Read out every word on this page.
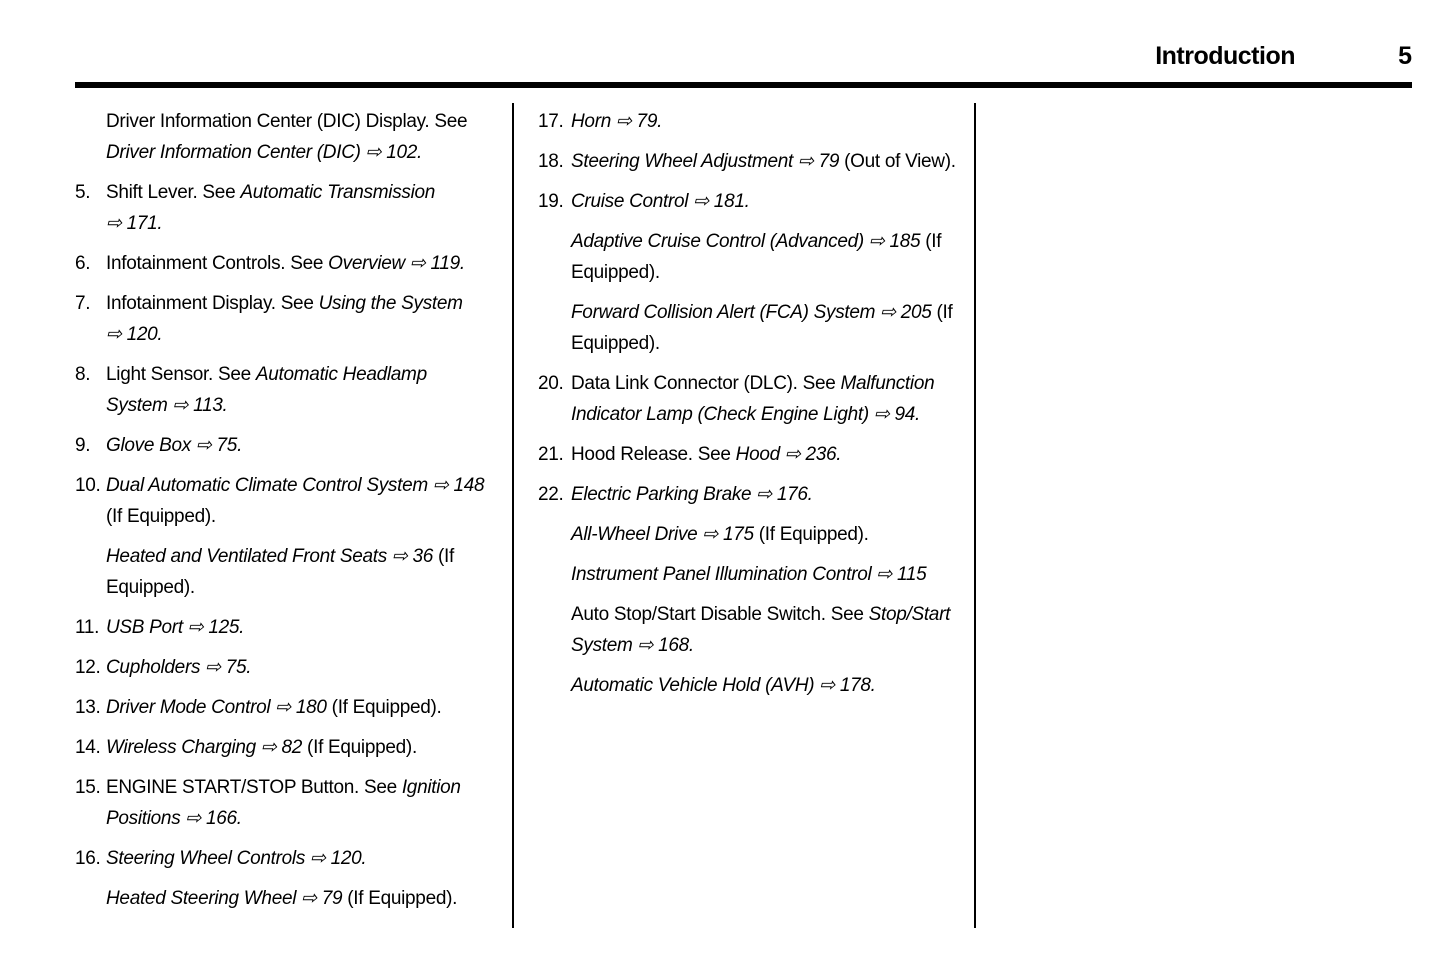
Introduction	5
Driver Information Center (DIC) Display. See Driver Information Center (DIC) ⇨ 102.
5. Shift Lever. See Automatic Transmission ⇨ 171.
6. Infotainment Controls. See Overview ⇨ 119.
7. Infotainment Display. See Using the System ⇨ 120.
8. Light Sensor. See Automatic Headlamp System ⇨ 113.
9. Glove Box ⇨ 75.
10. Dual Automatic Climate Control System ⇨ 148 (If Equipped).
Heated and Ventilated Front Seats ⇨ 36 (If Equipped).
11. USB Port ⇨ 125.
12. Cupholders ⇨ 75.
13. Driver Mode Control ⇨ 180 (If Equipped).
14. Wireless Charging ⇨ 82 (If Equipped).
15. ENGINE START/STOP Button. See Ignition Positions ⇨ 166.
16. Steering Wheel Controls ⇨ 120.
Heated Steering Wheel ⇨ 79 (If Equipped).
17. Horn ⇨ 79.
18. Steering Wheel Adjustment ⇨ 79 (Out of View).
19. Cruise Control ⇨ 181.
Adaptive Cruise Control (Advanced) ⇨ 185 (If Equipped).
Forward Collision Alert (FCA) System ⇨ 205 (If Equipped).
20. Data Link Connector (DLC). See Malfunction Indicator Lamp (Check Engine Light) ⇨ 94.
21. Hood Release. See Hood ⇨ 236.
22. Electric Parking Brake ⇨ 176.
All-Wheel Drive ⇨ 175 (If Equipped).
Instrument Panel Illumination Control ⇨ 115
Auto Stop/Start Disable Switch. See Stop/Start System ⇨ 168.
Automatic Vehicle Hold (AVH) ⇨ 178.
